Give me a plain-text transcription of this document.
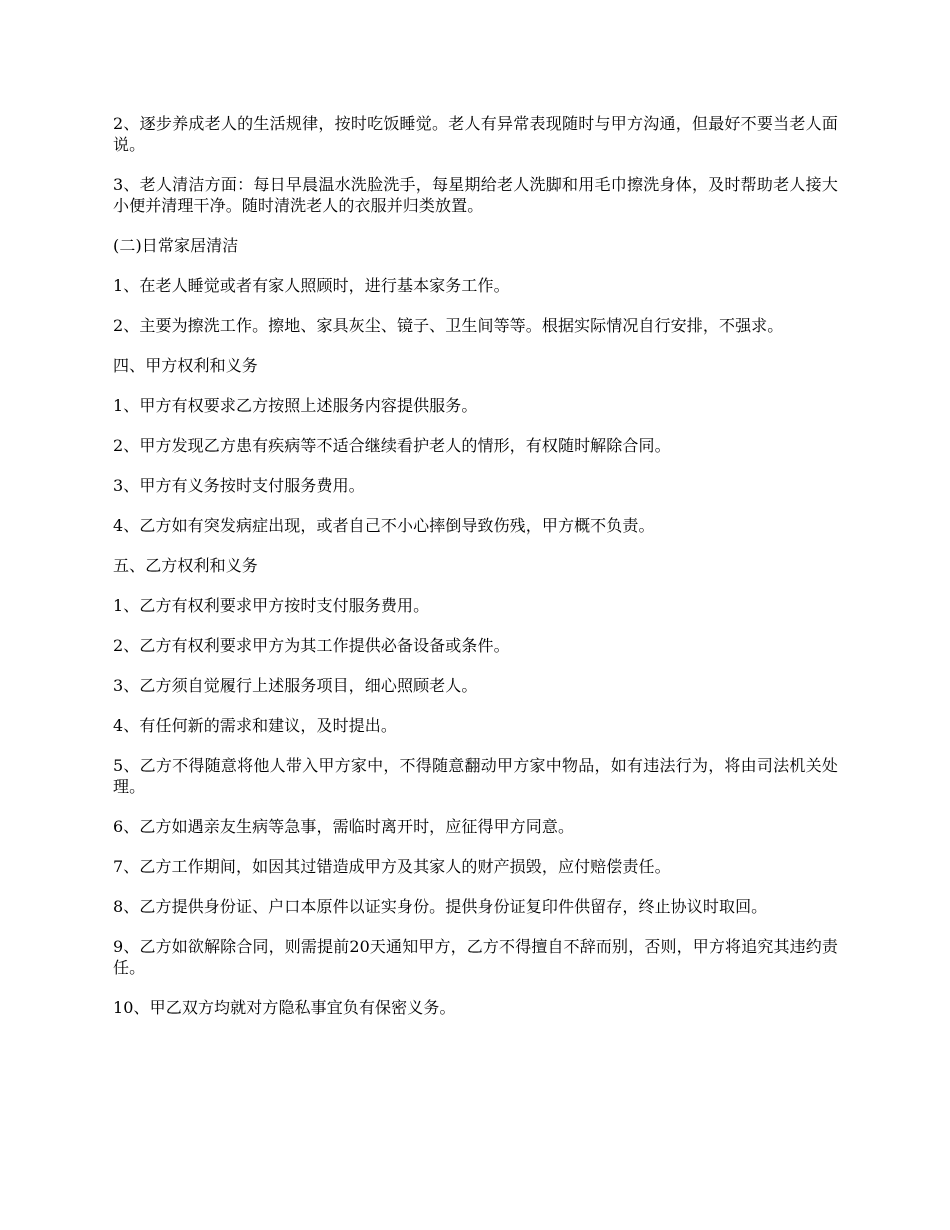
2、逐步养成老人的生活规律，按时吃饭睡觉。老人有异常表现随时与甲方沟通，但最好不要当老人面说。

3、老人清洁方面：每日早晨温水洗脸洗手，每星期给老人洗脚和用毛巾擦洗身体，及时帮助老人接大小便并清理干净。随时清洗老人的衣服并归类放置。

(二)日常家居清洁

1、在老人睡觉或者有家人照顾时，进行基本家务工作。

2、主要为擦洗工作。擦地、家具灰尘、镜子、卫生间等等。根据实际情况自行安排，不强求。

四、甲方权利和义务

1、甲方有权要求乙方按照上述服务内容提供服务。

2、甲方发现乙方患有疾病等不适合继续看护老人的情形，有权随时解除合同。

3、甲方有义务按时支付服务费用。

4、乙方如有突发病症出现，或者自己不小心摔倒导致伤残，甲方概不负责。

五、乙方权利和义务

1、乙方有权利要求甲方按时支付服务费用。

2、乙方有权利要求甲方为其工作提供必备设备或条件。

3、乙方须自觉履行上述服务项目，细心照顾老人。

4、有任何新的需求和建议，及时提出。

5、乙方不得随意将他人带入甲方家中，不得随意翻动甲方家中物品，如有违法行为，将由司法机关处理。

6、乙方如遇亲友生病等急事，需临时离开时，应征得甲方同意。

7、乙方工作期间，如因其过错造成甲方及其家人的财产损毁，应付赔偿责任。

8、乙方提供身份证、户口本原件以证实身份。提供身份证复印件供留存，终止协议时取回。

9、乙方如欲解除合同，则需提前20天通知甲方，乙方不得擅自不辞而别，否则，甲方将追究其违约责任。

10、甲乙双方均就对方隐私事宜负有保密义务。
